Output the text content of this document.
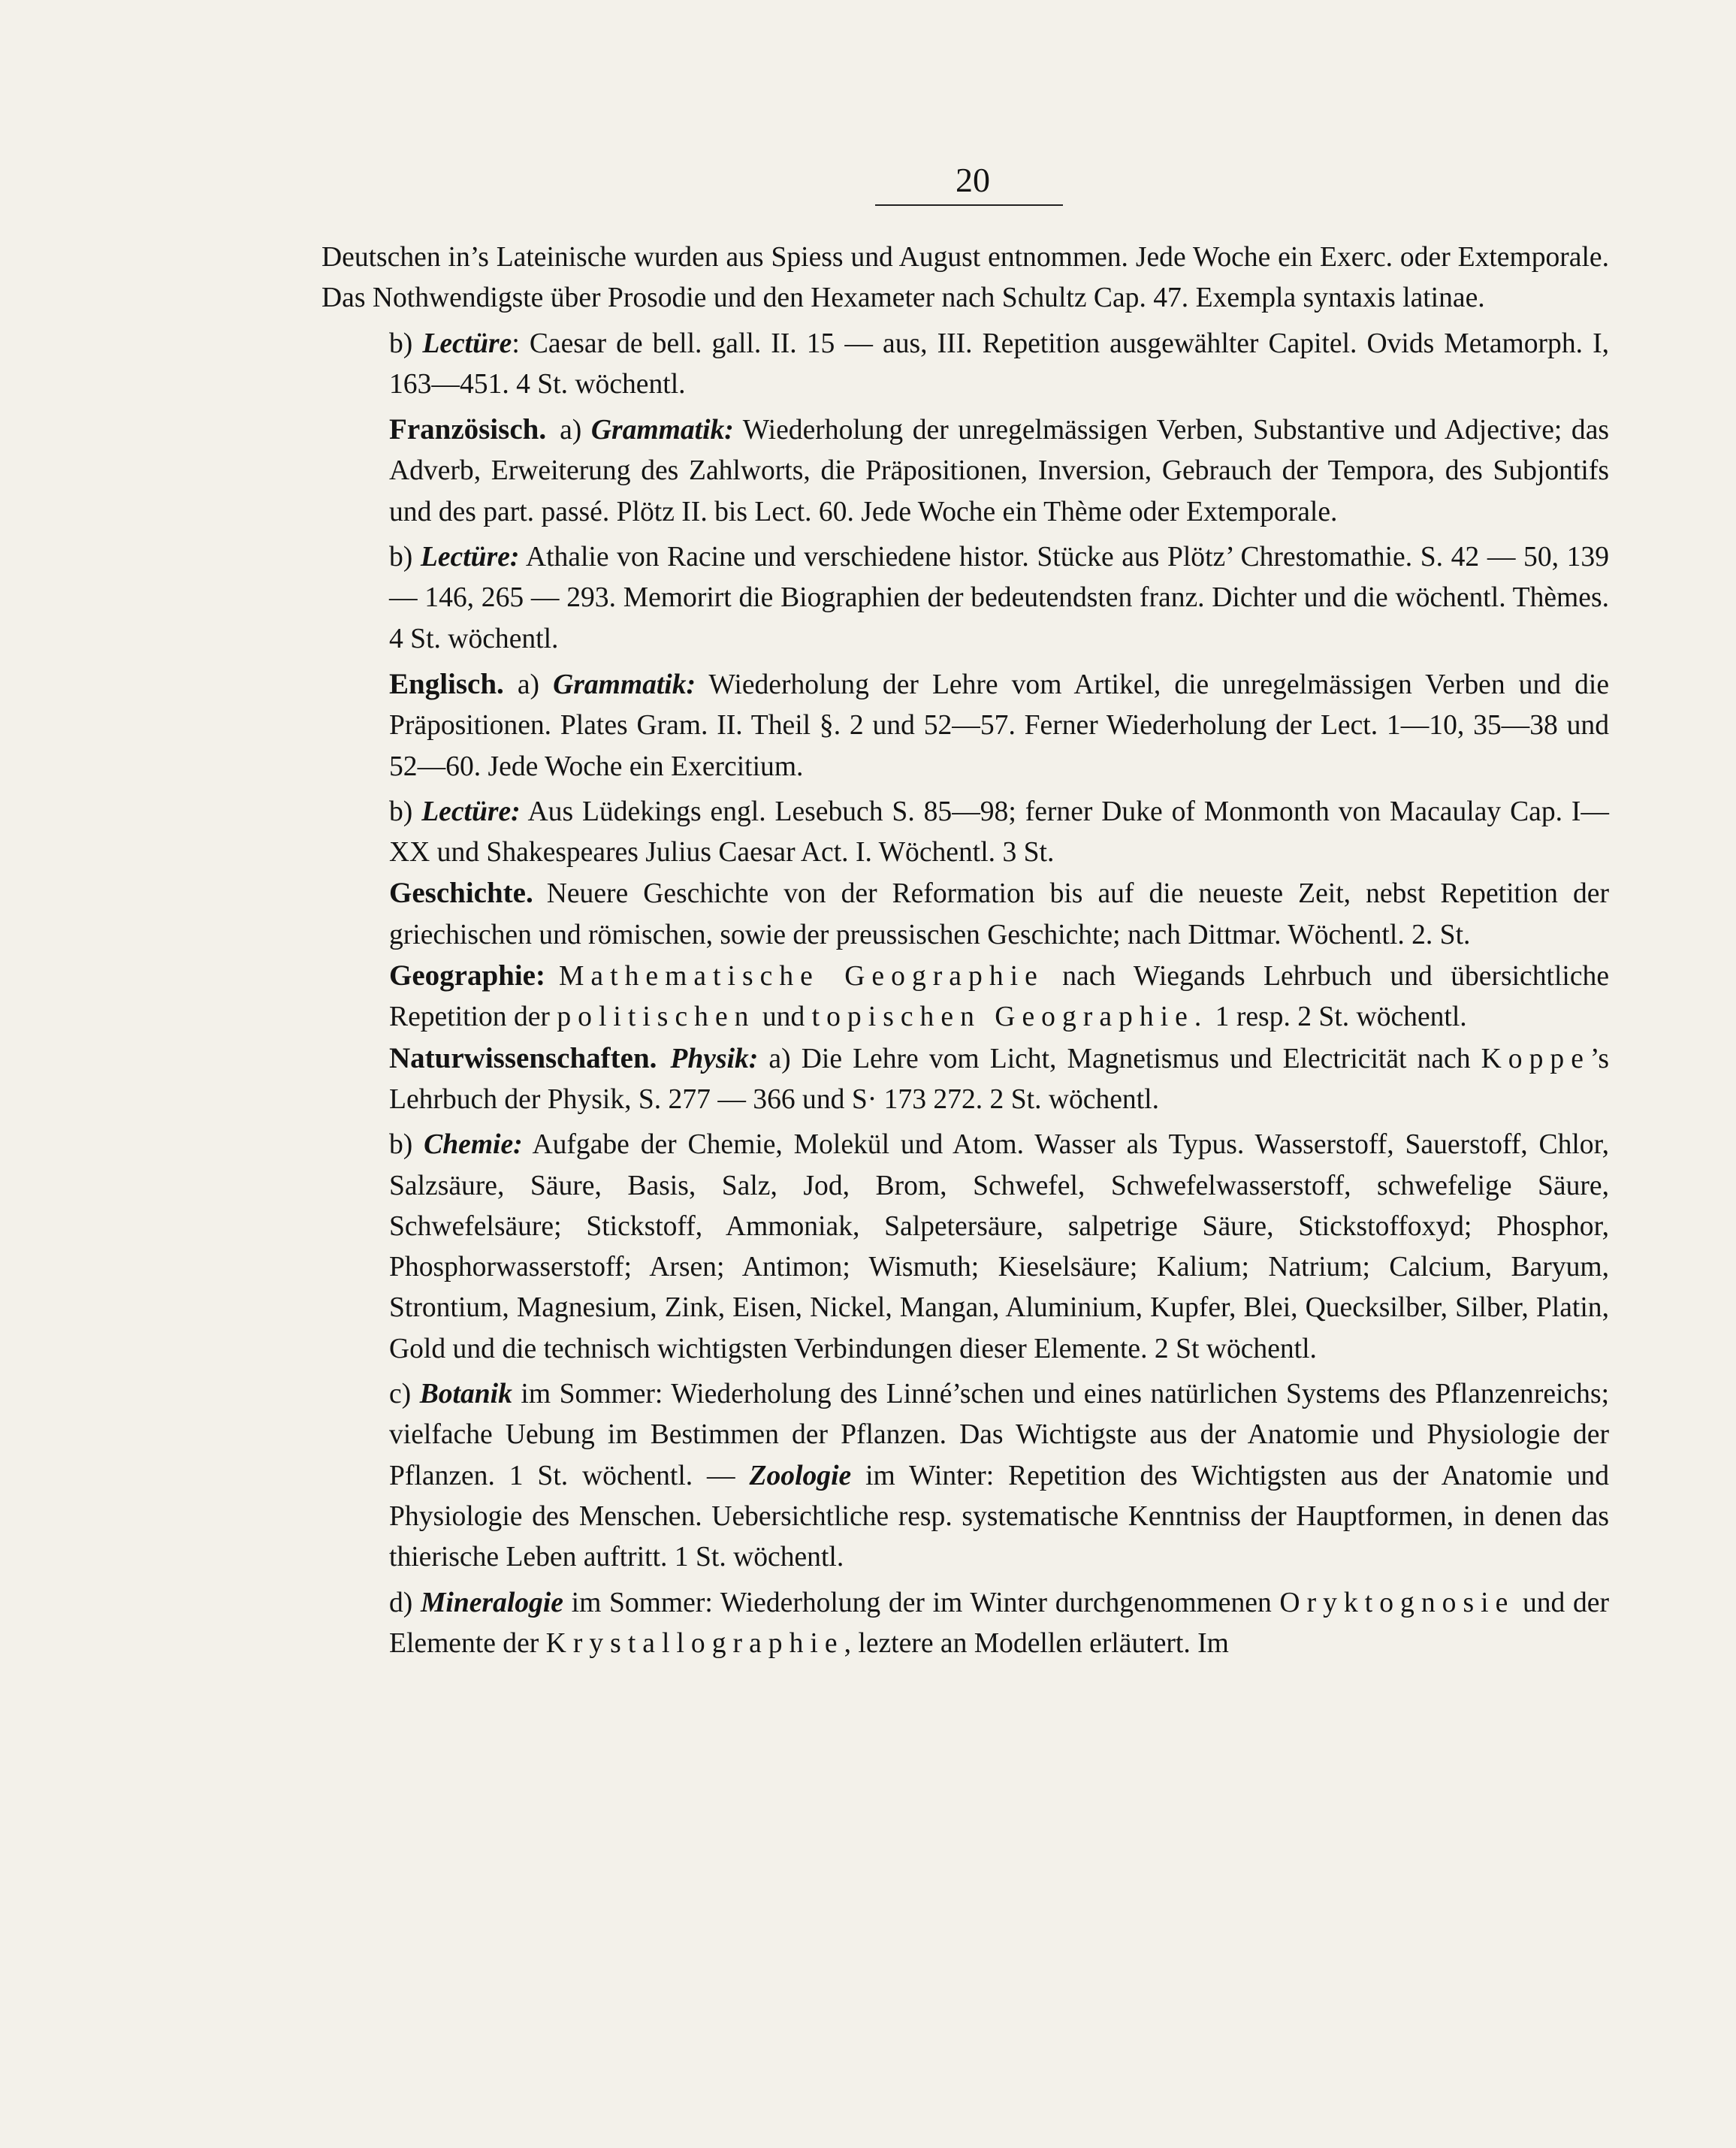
20

Deutschen in’s Lateinische wurden aus Spiess und August entnommen. Jede Woche ein Exerc. oder Extemporale. Das Nothwendigste über Prosodie und den Hexameter nach Schultz Cap. 47. Exempla syntaxis latinae.

b) Lectüre: Caesar de bell. gall. II. 15 — aus, III. Repetition ausgewählter Capitel. Ovids Metamorph. I, 163—451. 4 St. wöchentl.

Französisch. a) Grammatik: Wiederholung der unregelmässigen Verben, Substantive und Adjective; das Adverb, Erweiterung des Zahlworts, die Präpositionen, Inversion, Gebrauch der Tempora, des Subjontifs und des part. passé. Plötz II. bis Lect. 60. Jede Woche ein Thème oder Extemporale.

b) Lectüre: Athalie von Racine und verschiedene histor. Stücke aus Plötz’ Chrestomathie. S. 42 — 50, 139 — 146, 265 — 293. Memorirt die Biographien der bedeutendsten franz. Dichter und die wöchentl. Thèmes. 4 St. wöchentl.

Englisch. a) Grammatik: Wiederholung der Lehre vom Artikel, die unregelmässigen Verben und die Präpositionen. Plates Gram. II. Theil §. 2 und 52—57. Ferner Wiederholung der Lect. 1—10, 35—38 und 52—60. Jede Woche ein Exercitium.

b) Lectüre: Aus Lüdekings engl. Lesebuch S. 85—98; ferner Duke of Monmonth von Macaulay Cap. I—XX und Shakespeares Julius Caesar Act. I. Wöchentl. 3 St.

Geschichte. Neuere Geschichte von der Reformation bis auf die neueste Zeit, nebst Repetition der griechischen und römischen, sowie der preussischen Geschichte; nach Dittmar. Wöchentl. 2. St.

Geographie: Mathematische Geographie nach Wiegands Lehrbuch und übersichtliche Repetition der politischen und topischen Geographie. 1 resp. 2 St. wöchentl.

Naturwissenschaften. Physik: a) Die Lehre vom Licht, Magnetismus und Electricität nach Koppe’s Lehrbuch der Physik, S. 277 — 366 und S· 173 272. 2 St. wöchentl.

b) Chemie: Aufgabe der Chemie, Molekül und Atom. Wasser als Typus. Wasserstoff, Sauerstoff, Chlor, Salzsäure, Säure, Basis, Salz, Jod, Brom, Schwefel, Schwefelwasserstoff, schwefelige Säure, Schwefelsäure; Stickstoff, Ammoniak, Salpetersäure, salpetrige Säure, Stickstoffoxyd; Phosphor, Phosphorwasserstoff; Arsen; Antimon; Wismuth; Kieselsäure; Kalium; Natrium; Calcium, Baryum, Strontium, Magnesium, Zink, Eisen, Nickel, Mangan, Aluminium, Kupfer, Blei, Quecksilber, Silber, Platin, Gold und die technisch wichtigsten Verbindungen dieser Elemente. 2 St wöchentl.

c) Botanik im Sommer: Wiederholung des Linné’schen und eines natürlichen Systems des Pflanzenreichs; vielfache Uebung im Bestimmen der Pflanzen. Das Wichtigste aus der Anatomie und Physiologie der Pflanzen. 1 St. wöchentl. — Zoologie im Winter: Repetition des Wichtigsten aus der Anatomie und Physiologie des Menschen. Uebersichtliche resp. systematische Kenntniss der Hauptformen, in denen das thierische Leben auftritt. 1 St. wöchentl.

d) Mineralogie im Sommer: Wiederholung der im Winter durchgenommenen Oryktognosie und der Elemente der Krystallographie, leztere an Modellen erläutert. Im
